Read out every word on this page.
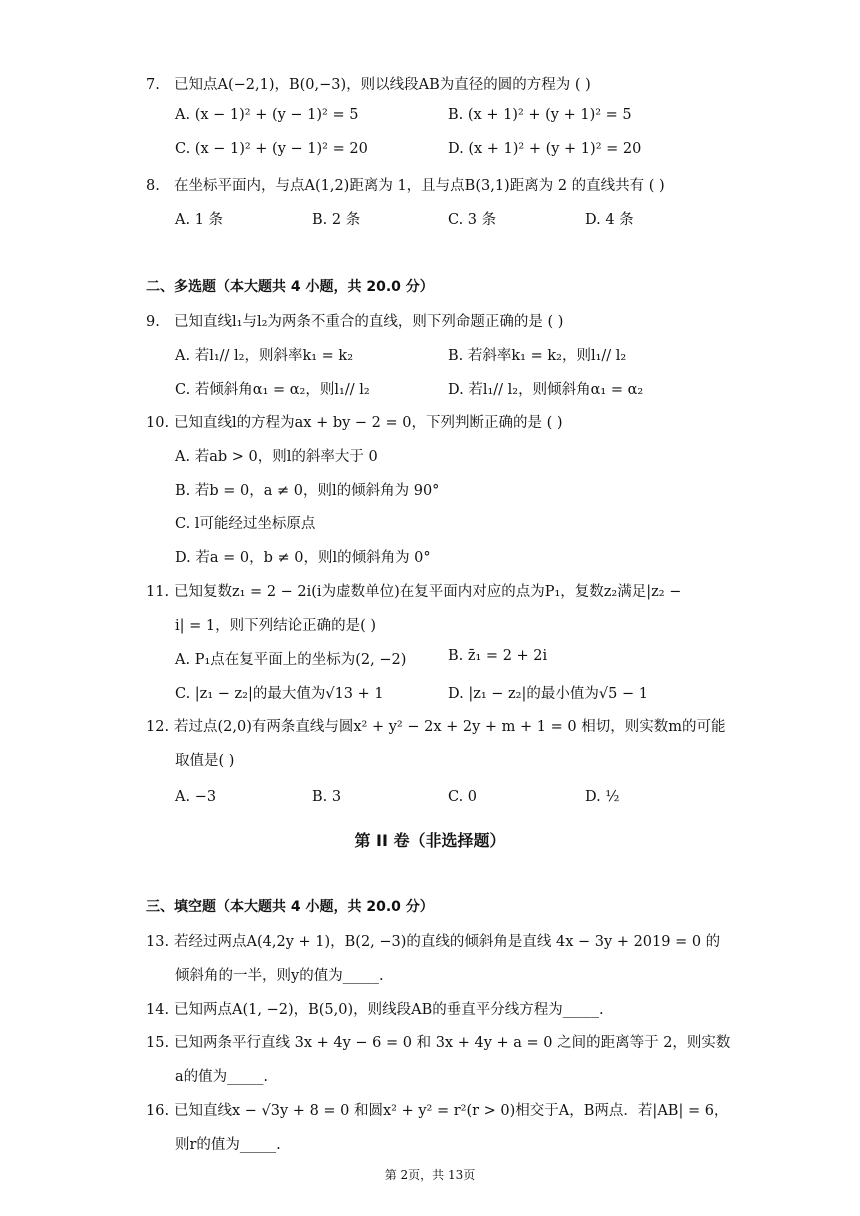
7. 已知点A(−2,1)，B(0,−3)，则以线段AB为直径的圆的方程为 ( )
A. (x − 1)² + (y − 1)² = 5	B. (x + 1)² + (y + 1)² = 5
C. (x − 1)² + (y − 1)² = 20	D. (x + 1)² + (y + 1)² = 20
8. 在坐标平面内，与点A(1,2)距离为 1，且与点B(3,1)距离为 2 的直线共有 ( )
A. 1 条	B. 2 条	C. 3 条	D. 4 条
二、多选题（本大题共 4 小题，共 20.0 分）
9. 已知直线l₁与l₂为两条不重合的直线，则下列命题正确的是 ( )
A. 若l₁// l₂，则斜率k₁ = k₂	B. 若斜率k₁ = k₂，则l₁// l₂
C. 若倾斜角α₁ = α₂，则l₁// l₂	D. 若l₁// l₂，则倾斜角α₁ = α₂
10. 已知直线l的方程为ax + by − 2 = 0，下列判断正确的是 ( )
A. 若ab > 0，则l的斜率大于 0
B. 若b = 0，a ≠ 0，则l的倾斜角为 90°
C. l可能经过坐标原点
D. 若a = 0，b ≠ 0，则l的倾斜角为 0°
11. 已知复数z₁ = 2 − 2i(i为虚数单位)在复平面内对应的点为P₁，复数z₂满足|z₂ −
i| = 1，则下列结论正确的是( )
A. P₁点在复平面上的坐标为(2, −2)	B. z̄₁ = 2 + 2i
C. |z₁ − z₂|的最大值为√13 + 1	D. |z₁ − z₂|的最小值为√5 − 1
12. 若过点(2,0)有两条直线与圆x² + y² − 2x + 2y + m + 1 = 0 相切，则实数m的可能
取值是( )
A. −3	B. 3	C. 0	D. ½
第 II 卷（非选择题）
三、填空题（本大题共 4 小题，共 20.0 分）
13. 若经过两点A(4,2y + 1)，B(2, −3)的直线的倾斜角是直线 4x − 3y + 2019 = 0 的
倾斜角的一半，则y的值为_____.
14. 已知两点A(1, −2)，B(5,0)，则线段AB的垂直平分线方程为_____.
15. 已知两条平行直线 3x + 4y − 6 = 0 和 3x + 4y + a = 0 之间的距离等于 2，则实数
a的值为_____.
16. 已知直线x − √3y + 8 = 0 和圆x² + y² = r²(r > 0)相交于A，B两点．若|AB| = 6，
则r的值为_____.
第 2页，共 13页
